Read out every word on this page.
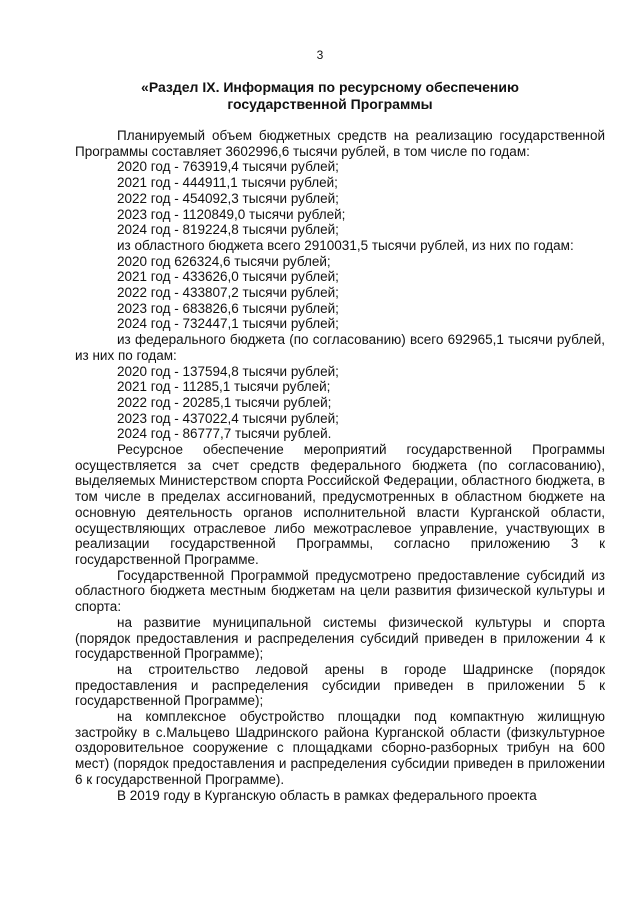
3
«Раздел IX. Информация по ресурсному обеспечению государственной Программы

Планируемый объем бюджетных средств на реализацию государственной Программы составляет 3602996,6 тысячи рублей, в том числе по годам:

2020 год - 763919,4 тысячи рублей;
2021 год - 444911,1 тысячи рублей;
2022 год - 454092,3 тысячи рублей;
2023 год - 1120849,0 тысячи рублей;
2024 год - 819224,8 тысячи рублей;

из областного бюджета всего 2910031,5 тысячи рублей, из них по годам:

2020 год 626324,6 тысячи рублей;
2021 год - 433626,0 тысячи рублей;
2022 год - 433807,2 тысячи рублей;
2023 год - 683826,6 тысячи рублей;
2024 год - 732447,1 тысячи рублей;

из федерального бюджета (по согласованию) всего 692965,1 тысячи рублей, из них по годам:

2020 год - 137594,8 тысячи рублей;
2021 год - 11285,1 тысячи рублей;
2022 год - 20285,1 тысячи рублей;
2023 год - 437022,4 тысячи рублей;
2024 год - 86777,7 тысячи рублей.

Ресурсное обеспечение мероприятий государственной Программы осуществляется за счет средств федерального бюджета (по согласованию), выделяемых Министерством спорта Российской Федерации, областного бюджета, в том числе в пределах ассигнований, предусмотренных в областном бюджете на основную деятельность органов исполнительной власти Курганской области, осуществляющих отраслевое либо межотраслевое управление, участвующих в реализации государственной Программы, согласно приложению 3 к государственной Программе.

Государственной Программой предусмотрено предоставление субсидий из областного бюджета местным бюджетам на цели развития физической культуры и спорта:

на развитие муниципальной системы физической культуры и спорта (порядок предоставления и распределения субсидий приведен в приложении 4 к государственной Программе);

на строительство ледовой арены в городе Шадринске (порядок предоставления и распределения субсидии приведен в приложении 5 к государственной Программе);

на комплексное обустройство площадки под компактную жилищную застройку в с.Мальцево Шадринского района Курганской области (физкультурное оздоровительное сооружение с площадками сборно-разборных трибун на 600 мест) (порядок предоставления и распределения субсидии приведен в приложении 6 к государственной Программе).

В 2019 году в Курганскую область в рамках федерального проекта
